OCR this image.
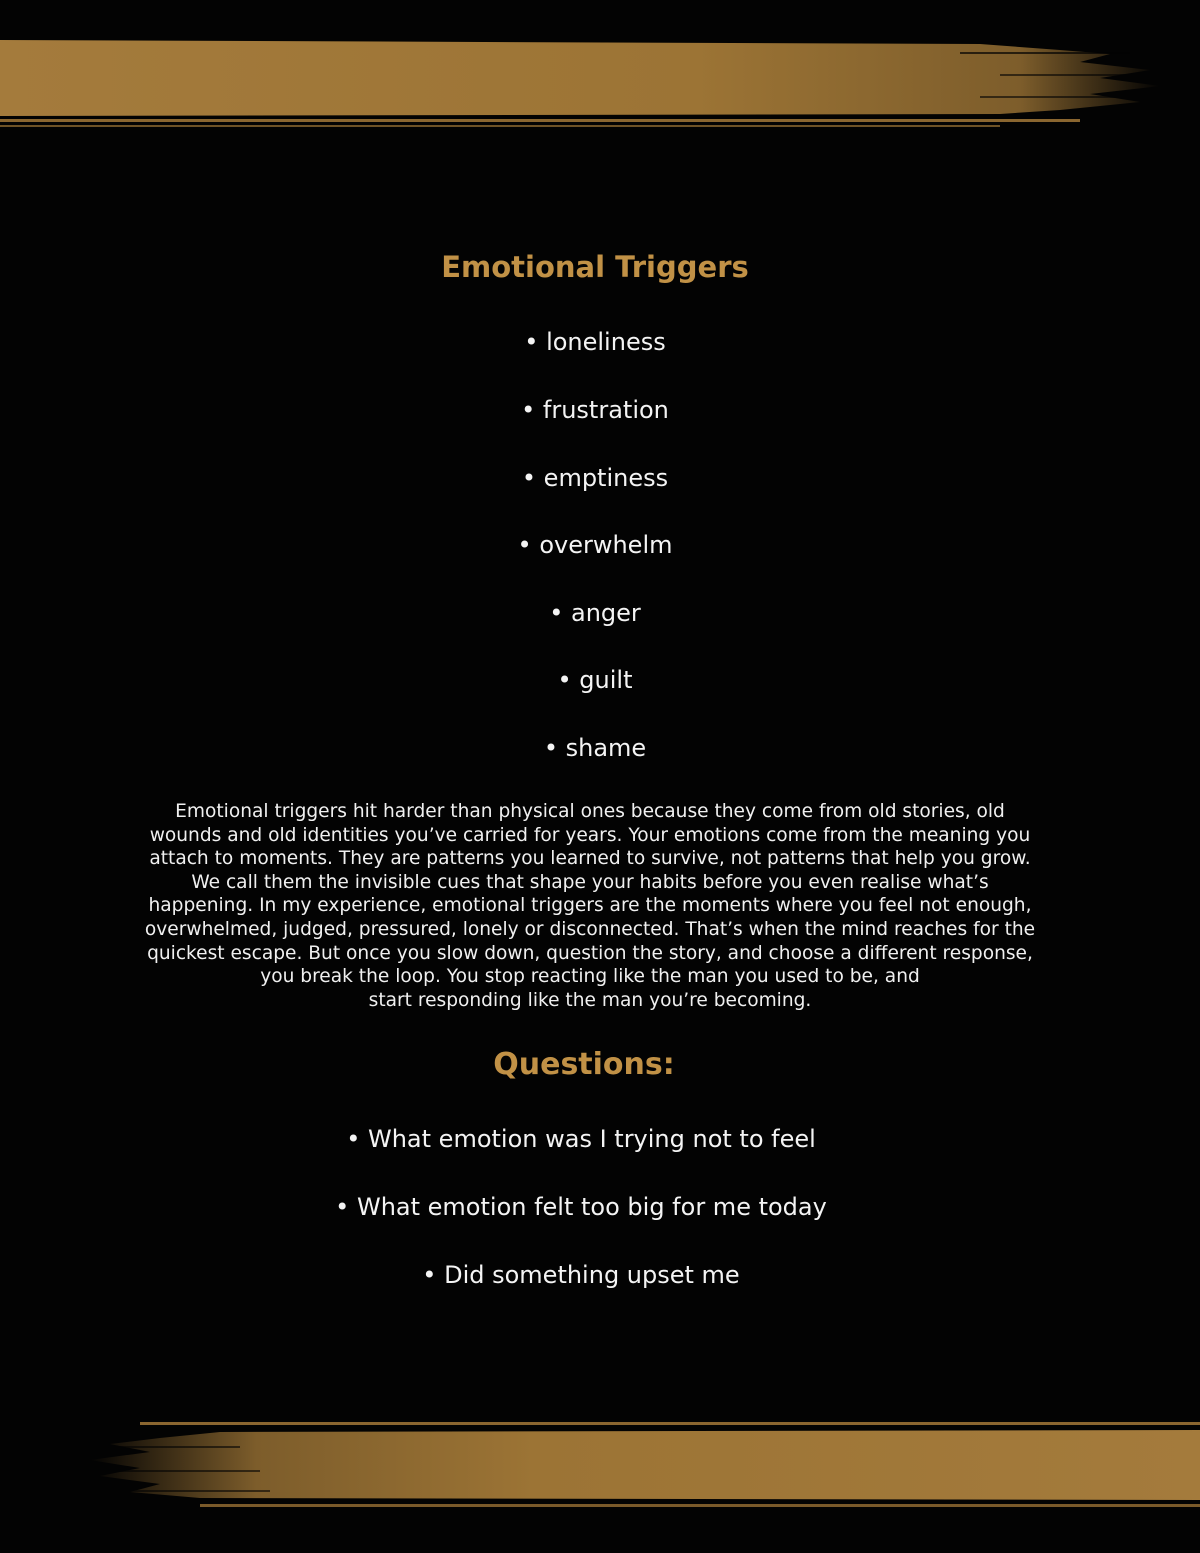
Emotional Triggers
• loneliness
• frustration
• emptiness
• overwhelm
• anger
• guilt
• shame

Emotional triggers hit harder than physical ones because they come from old stories, old
wounds and old identities you’ve carried for years. Your emotions come from the meaning you
attach to moments. They are patterns you learned to survive, not patterns that help you grow.
We call them the invisible cues that shape your habits before you even realise what’s
happening. In my experience, emotional triggers are the moments where you feel not enough,
overwhelmed, judged, pressured, lonely or disconnected. That’s when the mind reaches for the
quickest escape. But once you slow down, question the story, and choose a different response,
you break the loop. You stop reacting like the man you used to be, and
start responding like the man you’re becoming.

Questions:
• What emotion was I trying not to feel
• What emotion felt too big for me today
• Did something upset me
